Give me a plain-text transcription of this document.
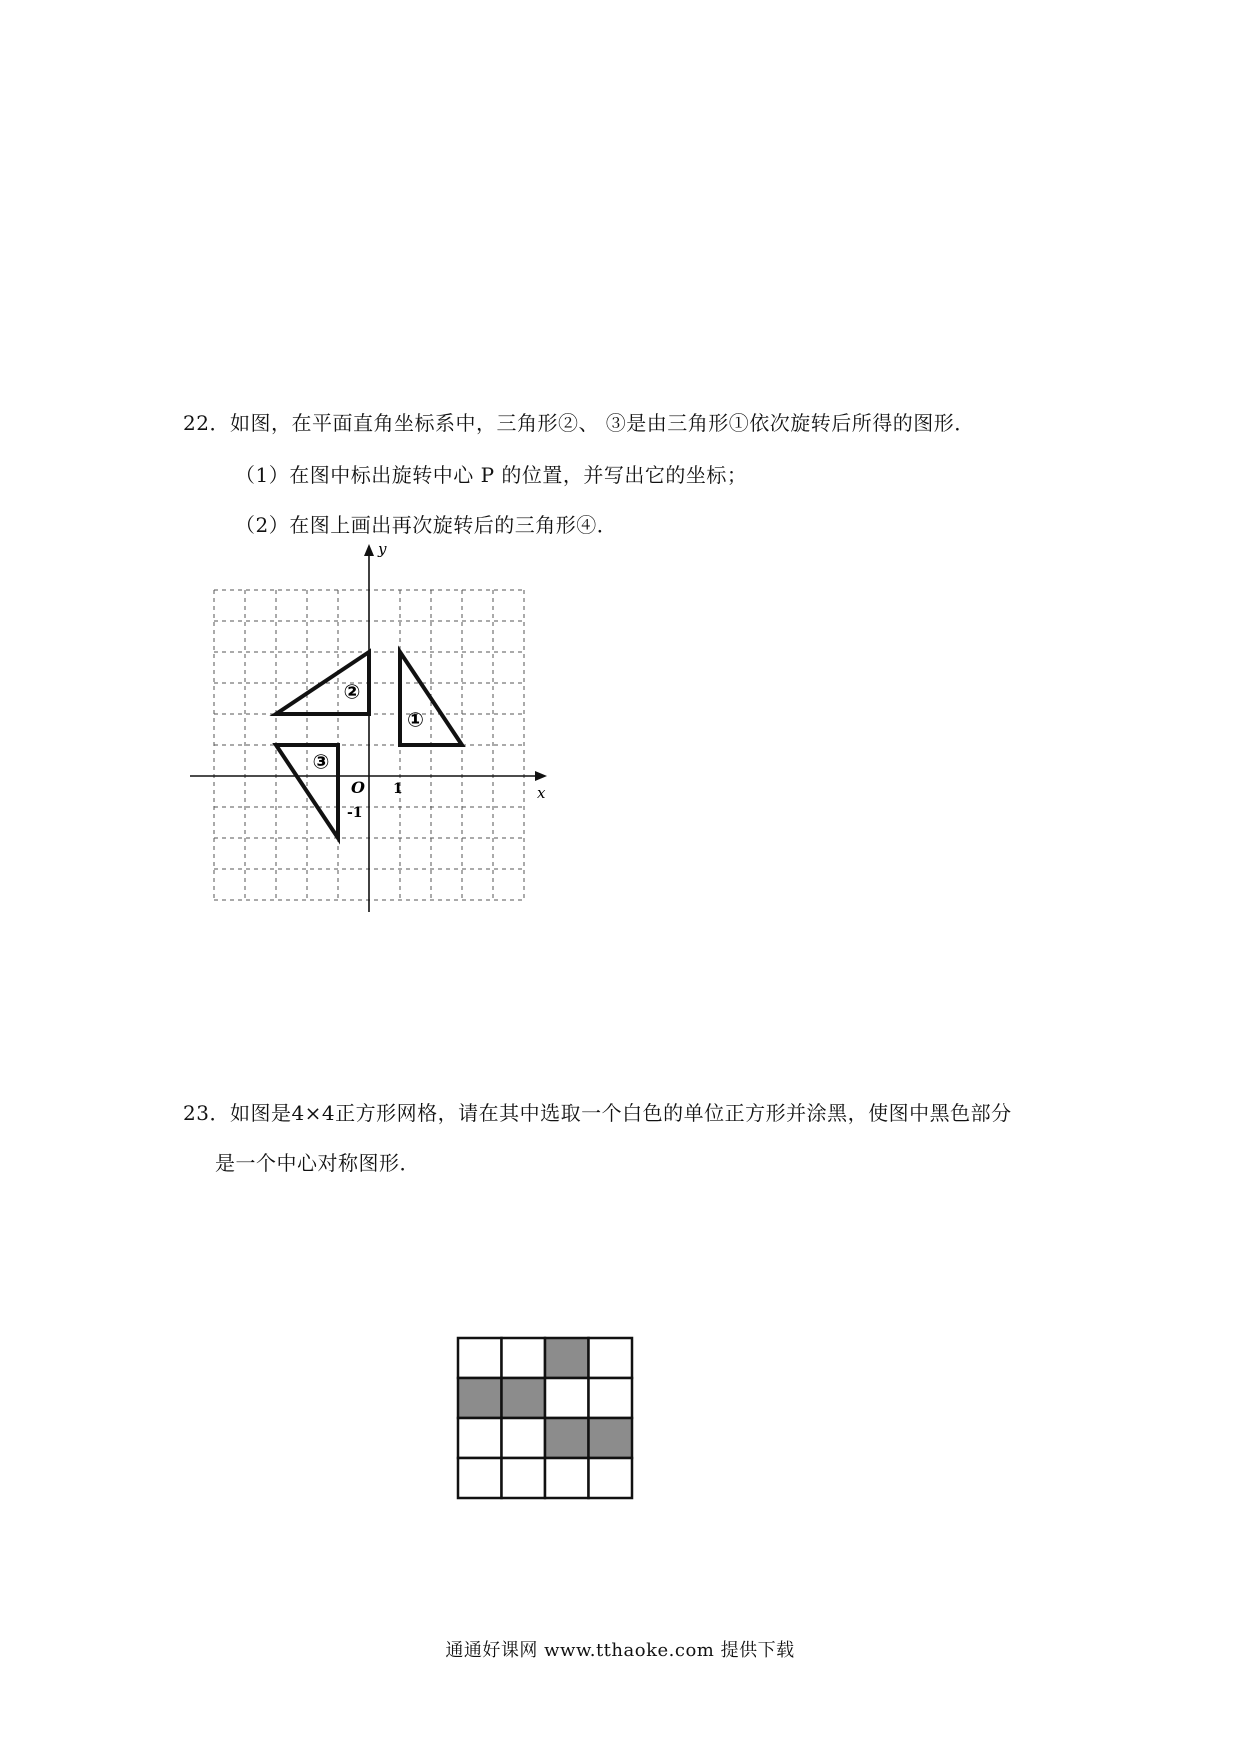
22．如图，在平面直角坐标系中，三角形②、 ③是由三角形①依次旋转后所得的图形．
（1）在图中标出旋转中心 P 的位置，并写出它的坐标；
（2）在图上画出再次旋转后的三角形④．
①
②
③
y
x
O 1
-1
23．如图是4×4正方形网格，请在其中选取一个白色的单位正方形并涂黑，使图中黑色部分
是一个中心对称图形．
通通好课网 www.tthaoke.com 提供下载
